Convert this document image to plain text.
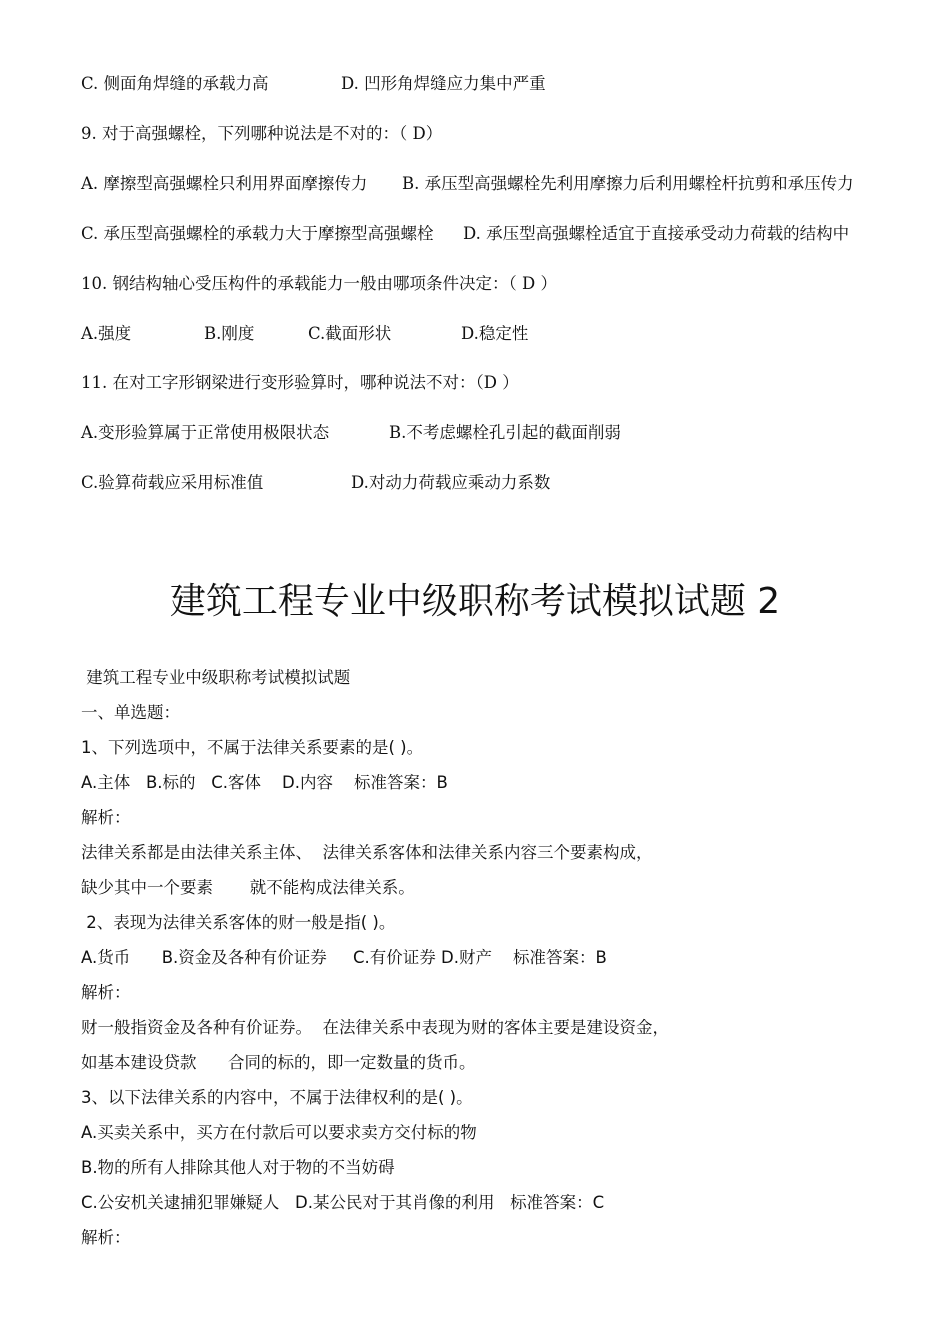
C. 侧面角焊缝的承载力高

	D. 凹形角焊缝应力集中严重

9. 对于高强螺栓，下列哪种说法是不对的：（ D）

A. 摩擦型高强螺栓只利用界面摩擦传力

B. 承压型高强螺栓先利用摩擦力后利用螺栓杆抗剪和承压传力

C. 承压型高强螺栓的承载力大于摩擦型高强螺栓

D. 承压型高强螺栓适宜于直接承受动力荷载的结构中

10. 钢结构轴心受压构件的承载能力一般由哪项条件决定：（ D ）

A.强度

	B.刚度

	C.截面形状

	D.稳定性

11. 在对工字形钢梁进行变形验算时，哪种说法不对：（D ）

A.变形验算属于正常使用极限状态

	B.不考虑螺栓孔引起的截面削弱

C.验算荷载应采用标准值

	D.对动力荷载应乘动力系数

建筑工程专业中级职称考试模拟试题 2
建筑工程专业中级职称考试模拟试题
一、单选题：
1、下列选项中，不属于法律关系要素的是( )。
A.主体   B.标的   C.客体    D.内容    标准答案：B
解析：
法律关系都是由法律关系主体、  法律关系客体和法律关系内容三个要素构成，
缺少其中一个要素       就不能构成法律关系。
2、表现为法律关系客体的财一般是指( )。
A.货币      B.资金及各种有价证券     C.有价证券 D.财产    标准答案：B
解析：
财一般指资金及各种有价证券。  在法律关系中表现为财的客体主要是建设资金，
如基本建设贷款      合同的标的，即一定数量的货币。
3、以下法律关系的内容中，不属于法律权利的是( )。
A.买卖关系中，买方在付款后可以要求卖方交付标的物
B.物的所有人排除其他人对于物的不当妨碍
C.公安机关逮捕犯罪嫌疑人   D.某公民对于其肖像的利用   标准答案：C
解析：
